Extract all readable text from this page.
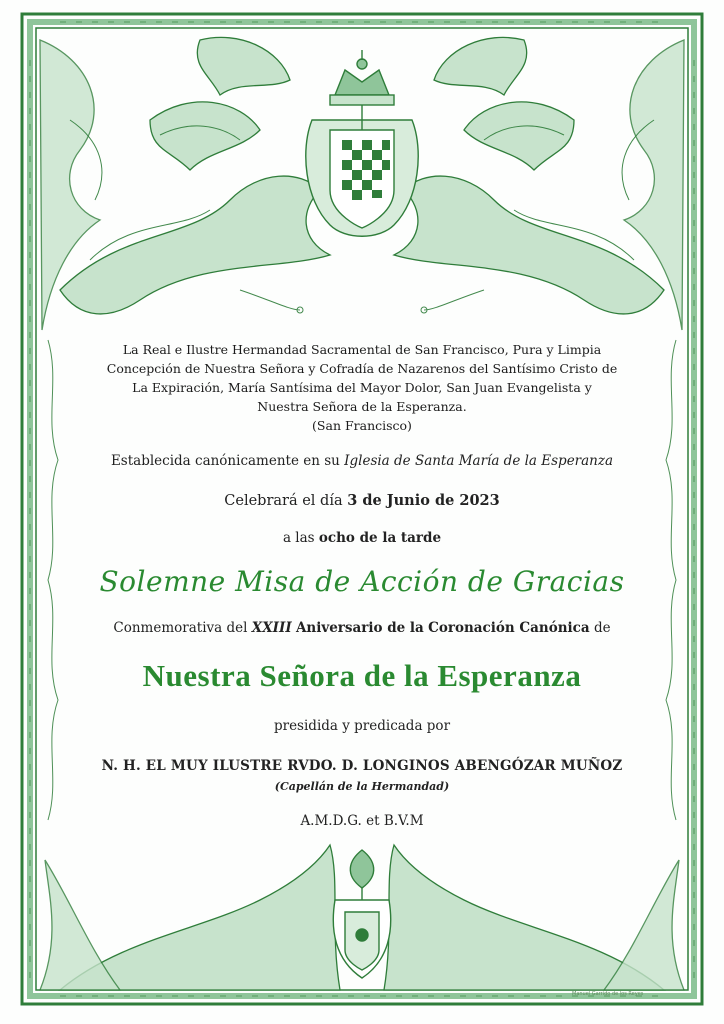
La Real e Ilustre Hermandad Sacramental de San Francisco, Pura y Limpia
Concepción de Nuestra Señora y Cofradía de Nazarenos del Santísimo Cristo de
La Expiración, María Santísima del Mayor Dolor, San Juan Evangelista y
Nuestra Señora de la Esperanza.
(San Francisco)
Establecida canónicamente en su Iglesia de Santa María de la Esperanza
Celebrará el día 3 de Junio de 2023
a las ocho de la tarde
Solemne Misa de Acción de Gracias
Conmemorativa del XXIII Aniversario de la Coronación Canónica de
Nuestra Señora de la Esperanza
presidida y predicada por
N. H. EL MUY ILUSTRE RVDO. D. LONGINOS ABENGÓZAR MUÑOZ
(Capellán de la Hermandad)
A.M.D.G. et B.V.M
Manuel Garrido de los Reyes
